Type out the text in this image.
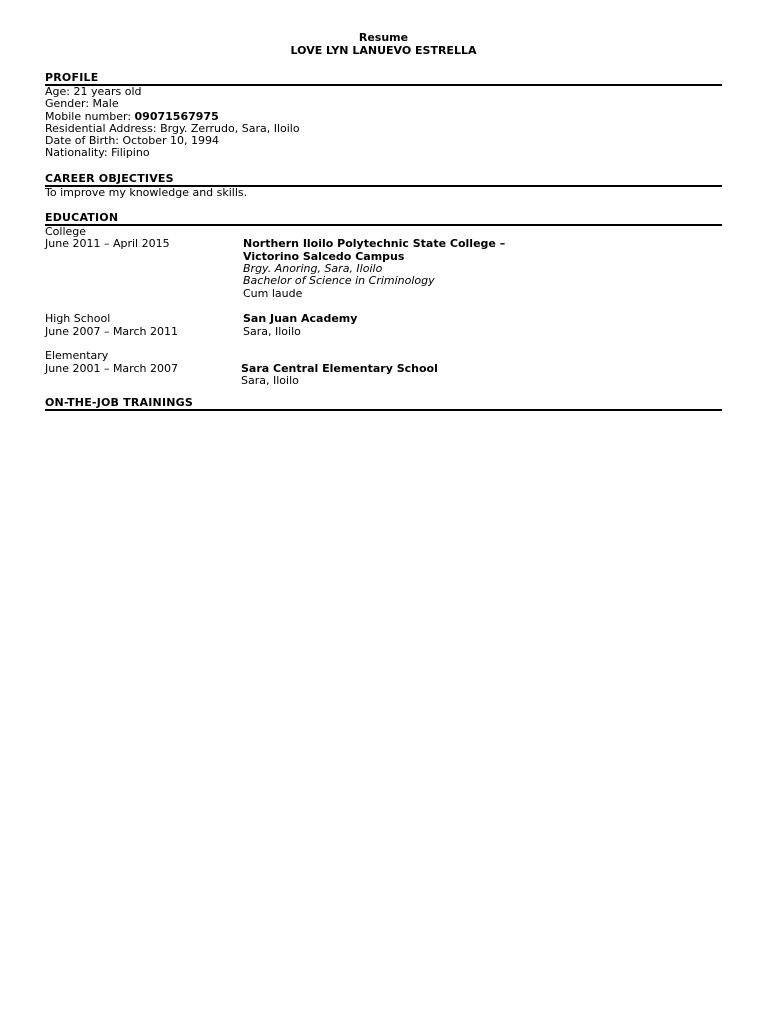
Resume
LOVE LYN LANUEVO ESTRELLA
PROFILE
Age: 21 years old
Gender: Male
Mobile number: 09071567975
Residential Address: Brgy. Zerrudo, Sara, Iloilo
Date of Birth: October 10, 1994
Nationality: Filipino
CAREER OBJECTIVES
To improve my knowledge and skills.
EDUCATION
College
June 2011 – April 2015	Northern Iloilo Polytechnic State College –
Victorino Salcedo Campus
Brgy. Anoring, Sara, Iloilo
Bachelor of Science in Criminology
Cum laude
High School
June 2007 – March 2011
San Juan Academy
Sara, Iloilo
Elementary
June 2001 – March 2007	Sara Central Elementary School
Sara, Iloilo
ON-THE-JOB TRAININGS
